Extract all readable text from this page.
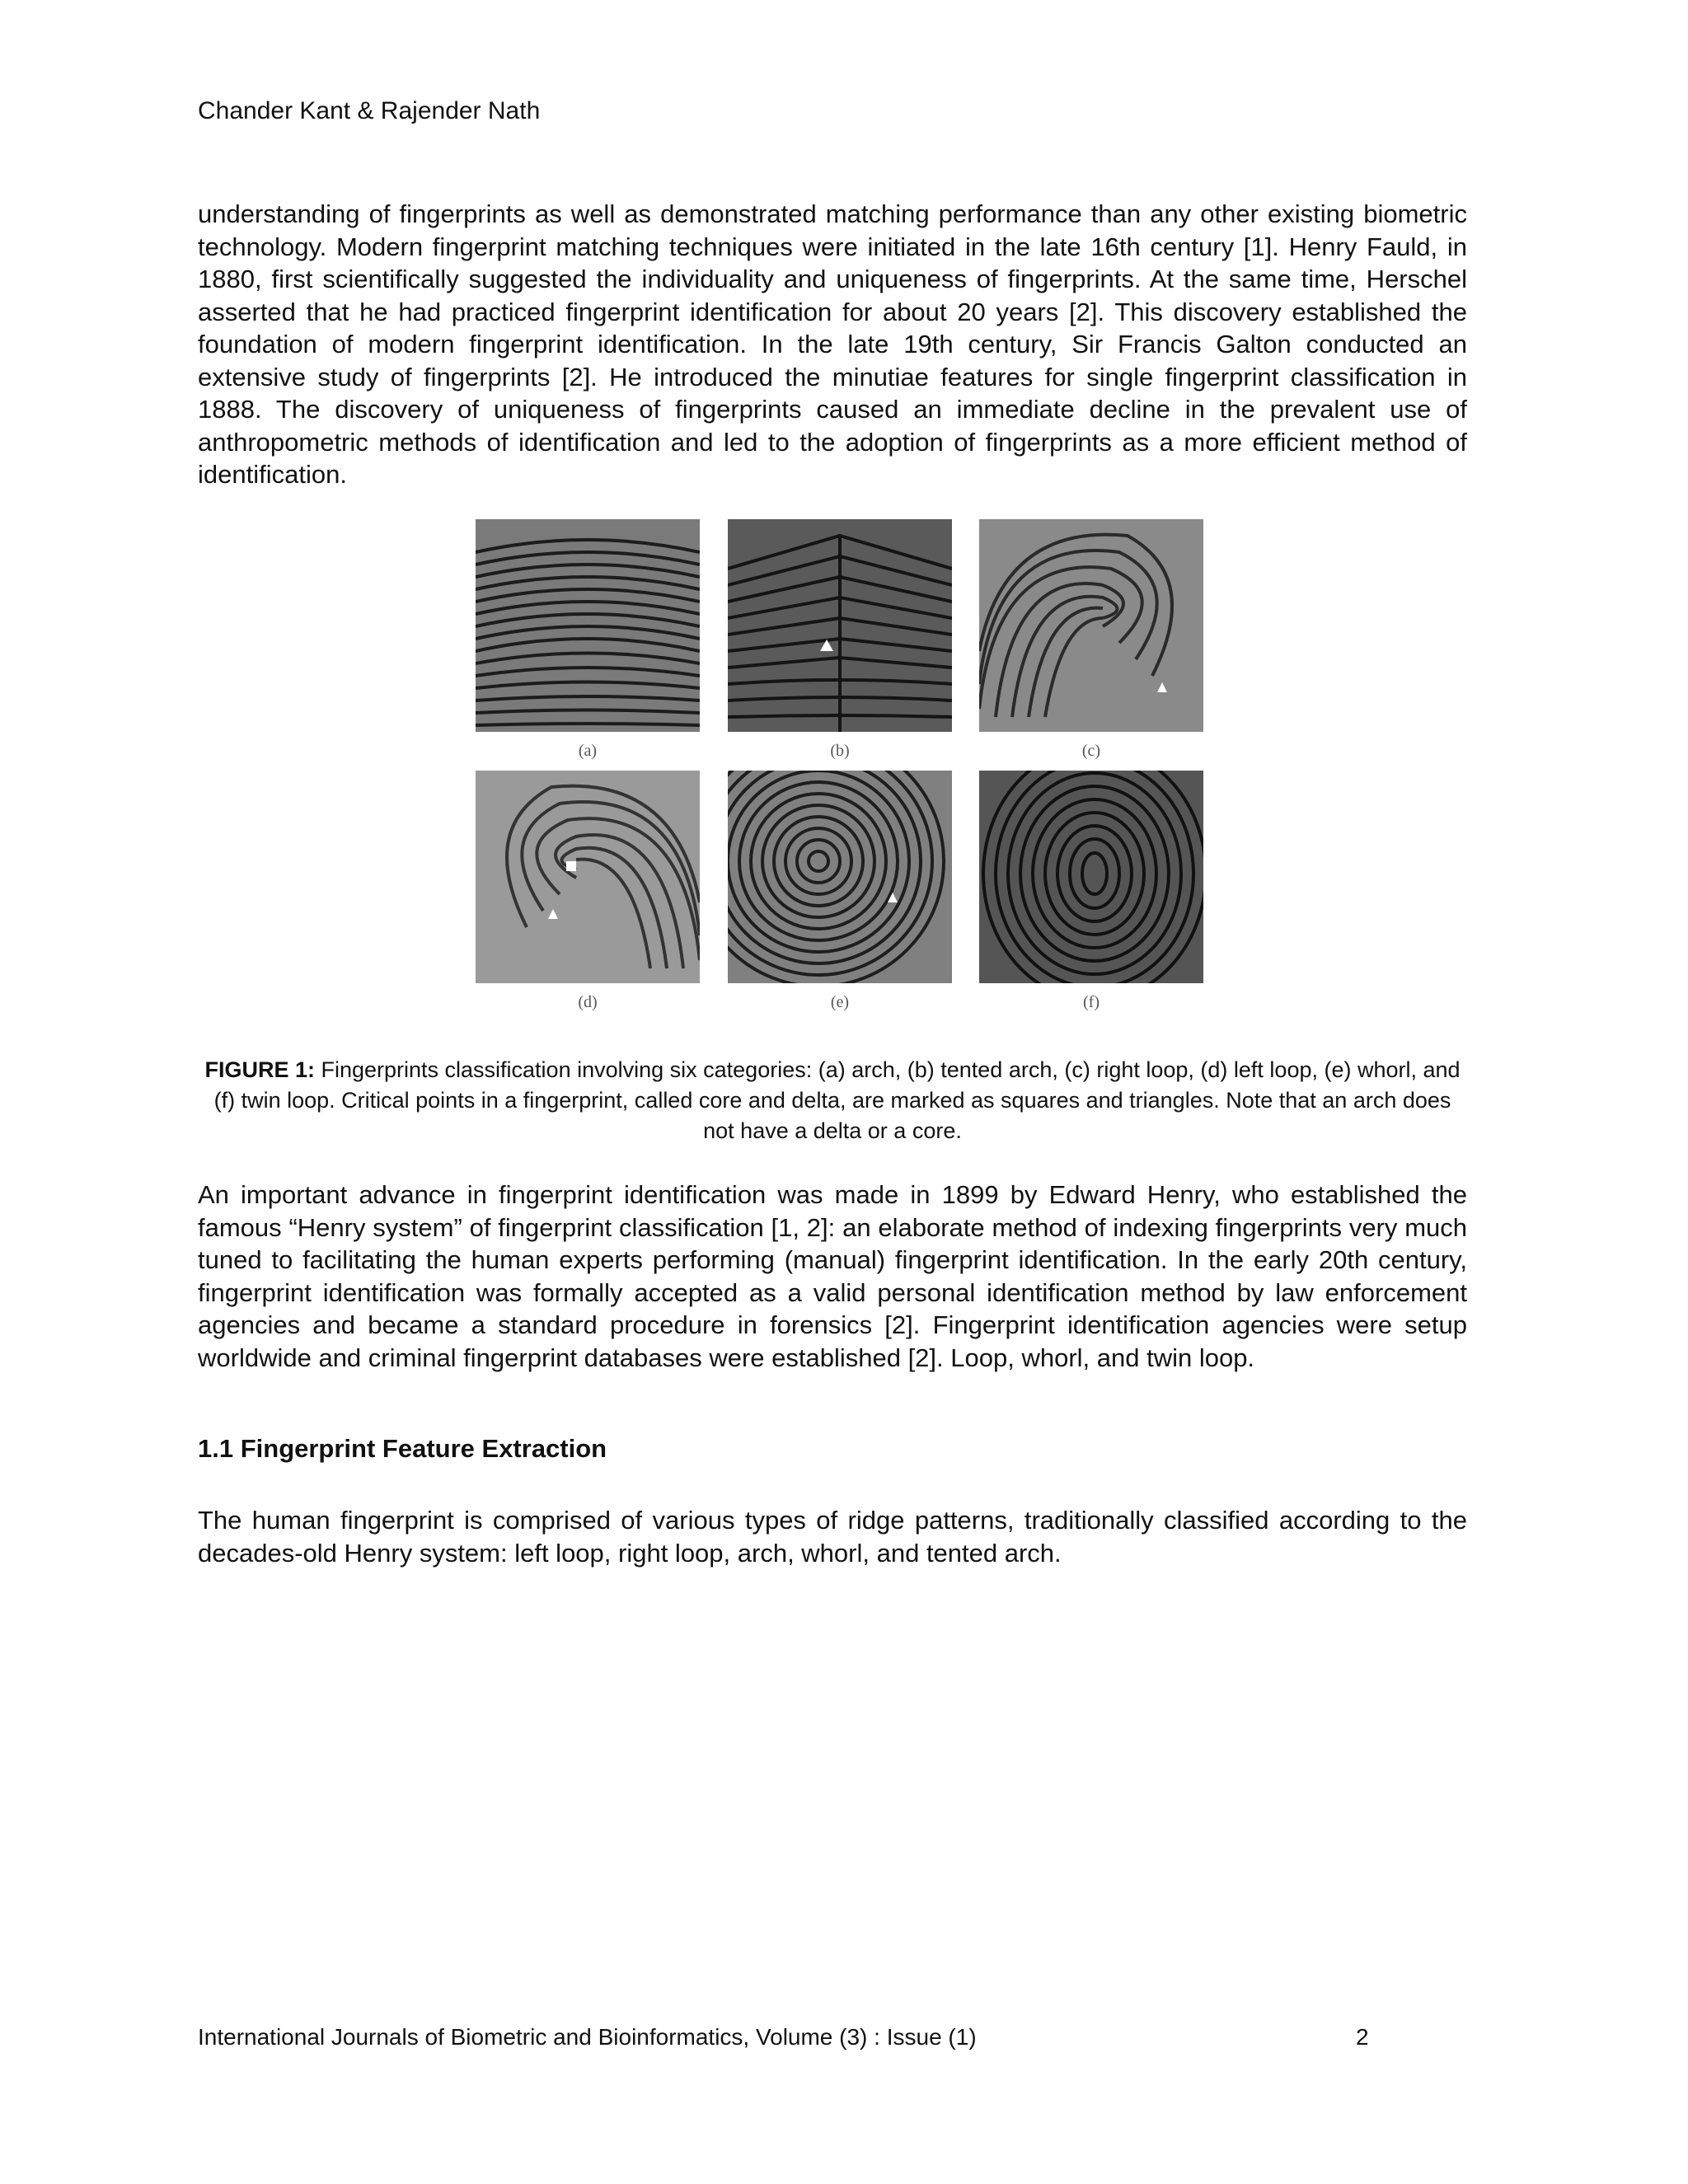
Chander Kant & Rajender Nath

understanding of fingerprints as well as demonstrated matching performance than any other existing biometric technology. Modern fingerprint matching techniques were initiated in the late 16th century [1]. Henry Fauld, in 1880, first scientifically suggested the individuality and uniqueness of fingerprints. At the same time, Herschel asserted that he had practiced fingerprint identification for about 20 years [2]. This discovery established the foundation of modern fingerprint identification. In the late 19th century, Sir Francis Galton conducted an extensive study of fingerprints [2]. He introduced the minutiae features for single fingerprint classification in 1888. The discovery of uniqueness of fingerprints caused an immediate decline in the prevalent use of anthropometric methods of identification and led to the adoption of fingerprints as a more efficient method of identification.

(a)	(b)	(c)
(d)	(e)	(f)
FIGURE 1: Fingerprints classification involving six categories: (a) arch, (b) tented arch, (c) right loop, (d) left loop, (e) whorl, and (f) twin loop. Critical points in a fingerprint, called core and delta, are marked as squares and triangles. Note that an arch does not have a delta or a core.

An important advance in fingerprint identification was made in 1899 by Edward Henry, who established the famous “Henry system” of fingerprint classification [1, 2]: an elaborate method of indexing fingerprints very much tuned to facilitating the human experts performing (manual) fingerprint identification. In the early 20th century, fingerprint identification was formally accepted as a valid personal identification method by law enforcement agencies and became a standard procedure in forensics [2]. Fingerprint identification agencies were setup worldwide and criminal fingerprint databases were established [2]. Loop, whorl, and twin loop.

1.1 Fingerprint Feature Extraction

The human fingerprint is comprised of various types of ridge patterns, traditionally classified according to the decades-old Henry system: left loop, right loop, arch, whorl, and tented arch.

International Journals of Biometric and Bioinformatics, Volume (3) : Issue (1)	2
